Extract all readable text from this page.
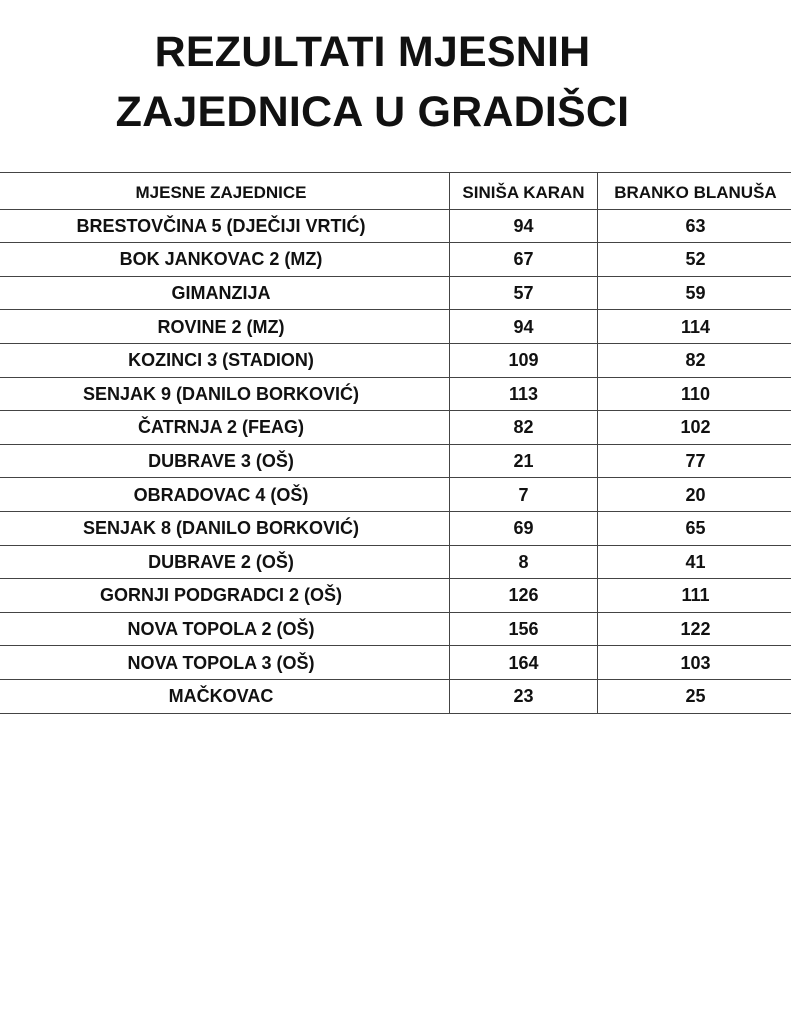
REZULTATI MJESNIH
ZAJEDNICA U GRADIŠCI
MJESNE ZAJEDNICE	SINIŠA KARAN	BRANKO BLANUŠA
BRESTOVČINA 5 (DJEČIJI VRTIĆ)	94	63
BOK JANKOVAC 2 (MZ)	67	52
GIMANZIJA	57	59
ROVINE 2 (MZ)	94	114
KOZINCI 3 (STADION)	109	82
SENJAK 9 (DANILO BORKOVIĆ)	113	110
ČATRNJA 2 (FEAG)	82	102
DUBRAVE 3 (OŠ)	21	77
OBRADOVAC 4 (OŠ)	7	20
SENJAK 8 (DANILO BORKOVIĆ)	69	65
DUBRAVE 2 (OŠ)	8	41
GORNJI PODGRADCI 2 (OŠ)	126	111
NOVA TOPOLA 2 (OŠ)	156	122
NOVA TOPOLA 3 (OŠ)	164	103
MAČKOVAC	23	25
